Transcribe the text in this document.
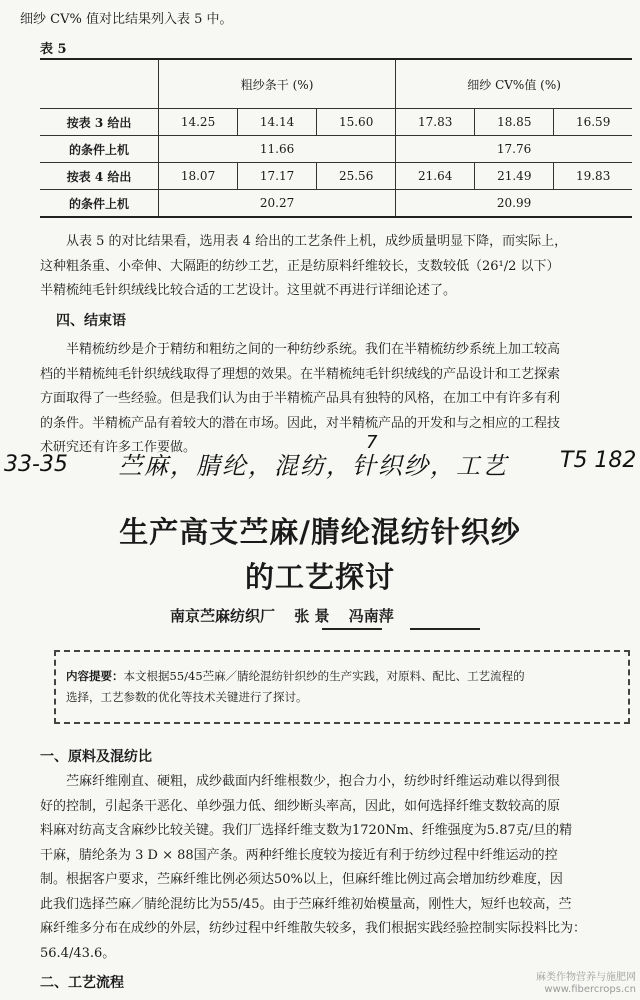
细纱 CV% 值对比结果列入表 5 中。
表 5
	粗纱条干 (%)			细纱 CV%值 (%)		
按表 3 给出	14.25	14.14	15.60	17.83	18.85	16.59
的条件上机	11.66			17.76		
按表 4 给出	18.07	17.17	25.56	21.64	21.49	19.83
的条件上机	20.27			20.99		
从表 5 的对比结果看，选用表 4 给出的工艺条件上机，成纱质量明显下降，而实际上，
这种粗条重、小牵伸、大隔距的纺纱工艺，正是纺原料纤维较长，支数较低（26¹/2 以下）
半精梳纯毛针织绒线比较合适的工艺设计。这里就不再进行详细论述了。
四、结束语
半精梳纺纱是介于精纺和粗纺之间的一种纺纱系统。我们在半精梳纺纱系统上加工较高
档的半精梳纯毛针织绒线取得了理想的效果。在半精梳纯毛针织绒线的产品设计和工艺探索
方面取得了一些经验。但是我们认为由于半精梳产品具有独特的风格，在加工中有许多有利
的条件。半精梳产品有着较大的潜在市场。因此，对半精梳产品的开发和与之相应的工程技
术研究还有许多工作要做。
33-35 苎麻，腈纶，混纺，针织纱，工艺
7
T5 182
生产高支苎麻/腈纶混纺针织纱
的工艺探讨
南京苎麻纺织厂 张 景 冯南萍
内容提要：本文根据55/45苎麻／腈纶混纺针织纱的生产实践，对原料、配比、工艺流程的
选择，工艺参数的优化等技术关键进行了探讨。
一、原料及混纺比
苎麻纤维刚直、硬粗，成纱截面内纤维根数少，抱合力小，纺纱时纤维运动难以得到很
好的控制，引起条干恶化、单纱强力低、细纱断头率高，因此，如何选择纤维支数较高的原
料麻对纺高支含麻纱比较关键。我们厂选择纤维支数为1720Nm、纤维强度为5.87克/旦的精
干麻，腈纶条为 3 D × 88国产条。两种纤维长度较为接近有利于纺纱过程中纤维运动的控
制。根据客户要求，苎麻纤维比例必须达50%以上，但麻纤维比例过高会增加纺纱难度，因
此我们选择苎麻／腈纶混纺比为55/45。由于苎麻纤维初始模量高，刚性大，短纤也较高，苎
麻纤维多分布在成纱的外层，纺纱过程中纤维散失较多，我们根据实践经验控制实际投料比为：
56.4/43.6。
二、工艺流程	麻类作物营养与施肥网
www.fibercrops.cn
